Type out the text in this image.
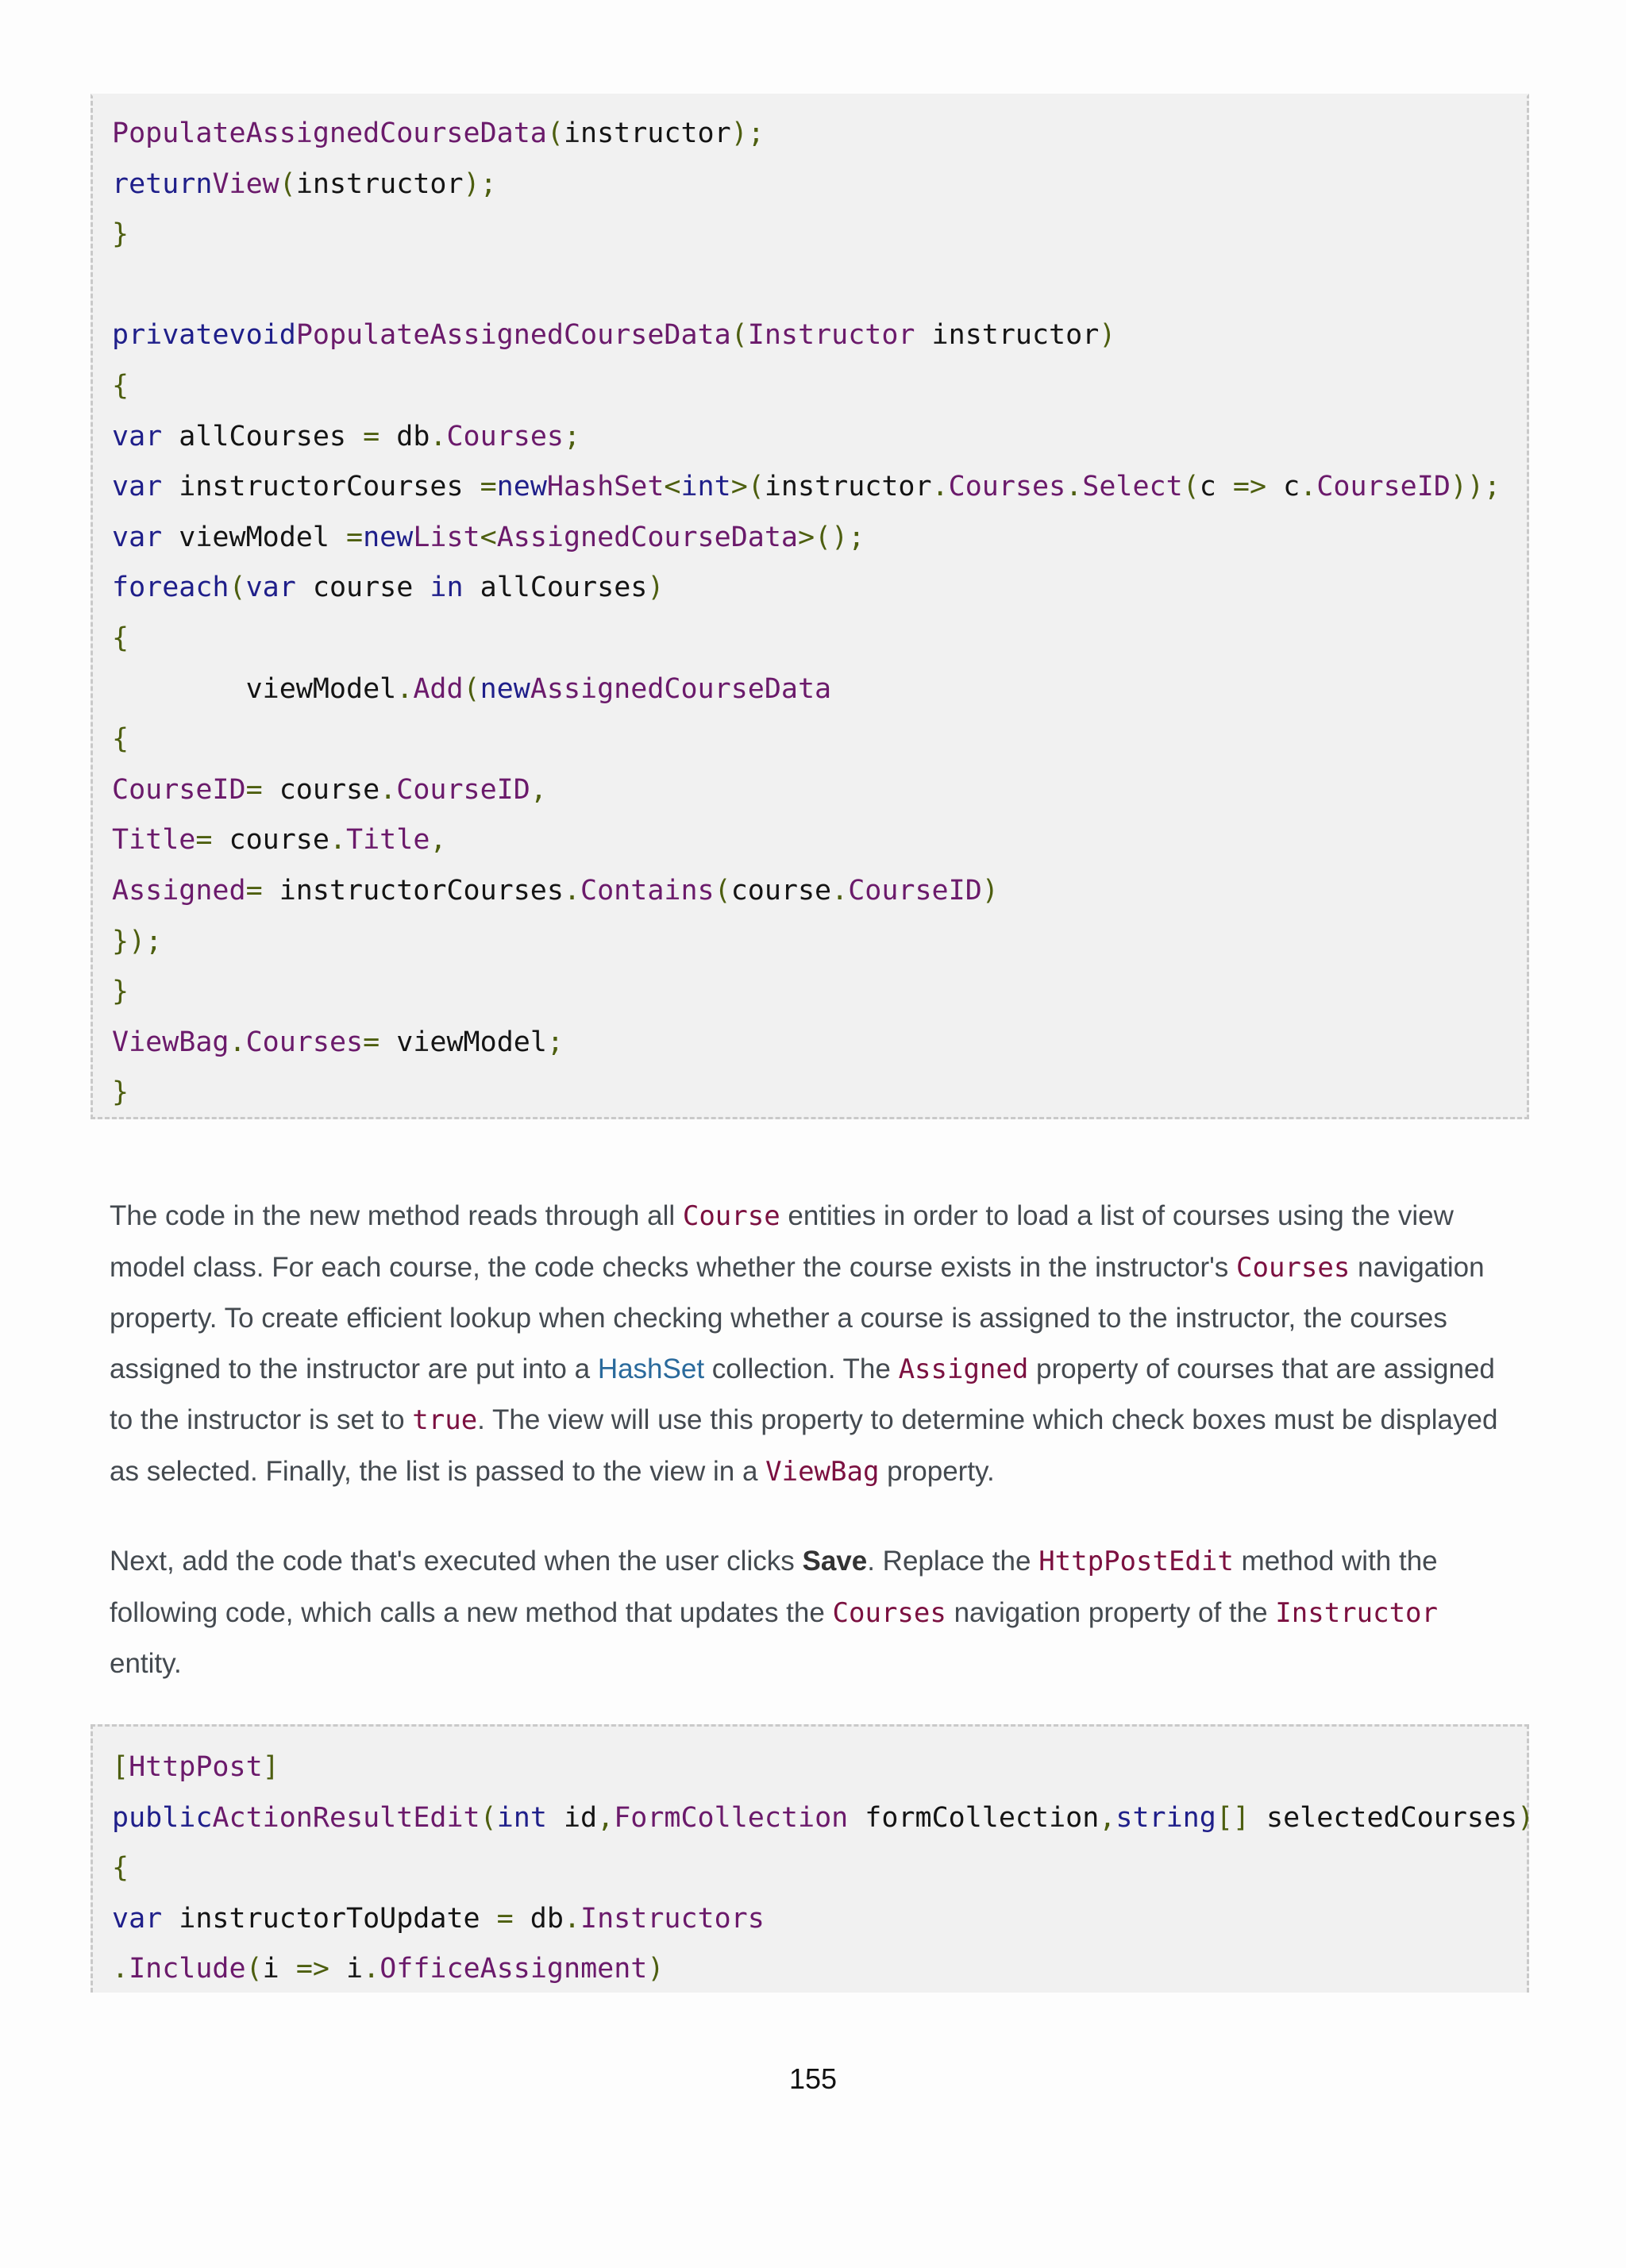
PopulateAssignedCourseData(instructor);
returnView(instructor);
}
privatevoidPopulateAssignedCourseData(Instructor instructor)
{
var allCourses = db.Courses;
var instructorCourses =newHashSet<int>(instructor.Courses.Select(c => c.CourseID));
var viewModel =newList<AssignedCourseData>();
foreach(var course in allCourses)
{
viewModel.Add(newAssignedCourseData
{
CourseID= course.CourseID,
Title= course.Title,
Assigned= instructorCourses.Contains(course.CourseID)
});
}
ViewBag.Courses= viewModel;
}

The code in the new method reads through all Course entities in order to load a list of courses using the view model class. For each course, the code checks whether the course exists in the instructor's Courses navigation property. To create efficient lookup when checking whether a course is assigned to the instructor, the courses assigned to the instructor are put into a HashSet collection. The Assigned property of courses that are assigned to the instructor is set to true. The view will use this property to determine which check boxes must be displayed as selected. Finally, the list is passed to the view in a ViewBag property.

Next, add the code that's executed when the user clicks Save. Replace the HttpPostEdit method with the following code, which calls a new method that updates the Courses navigation property of the Instructor entity.

[HttpPost]
publicActionResultEdit(int id,FormCollection formCollection,string[] selectedCourses)
{
var instructorToUpdate = db.Instructors
.Include(i => i.OfficeAssignment)
155
